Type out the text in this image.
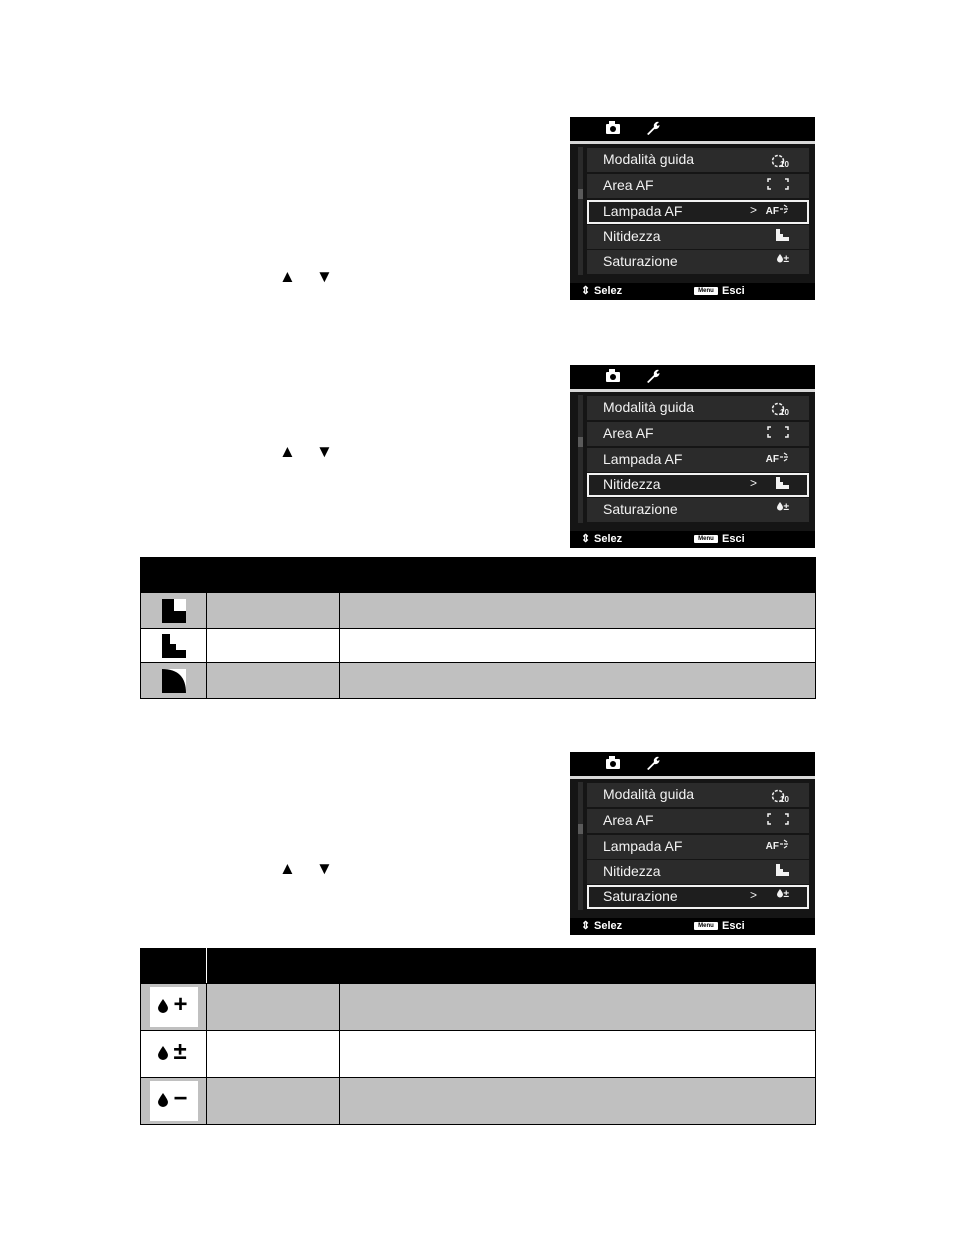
▲ ▼
▲ ▼
▲ ▼
Modalità guida	10
Area AF
Lampada AF	> AF
Nitidezza
Saturazione	±
⇕ Selez	Menu Esci
Modalità guida	10
Area AF
Lampada AF	AF
Nitidezza	>
Saturazione	±
⇕ Selez	Menu Esci
Modalità guida	10
Area AF
Lampada AF	AF
Nitidezza
Saturazione	>	±
⇕ Selez	Menu Esci

+		

±		

−		
